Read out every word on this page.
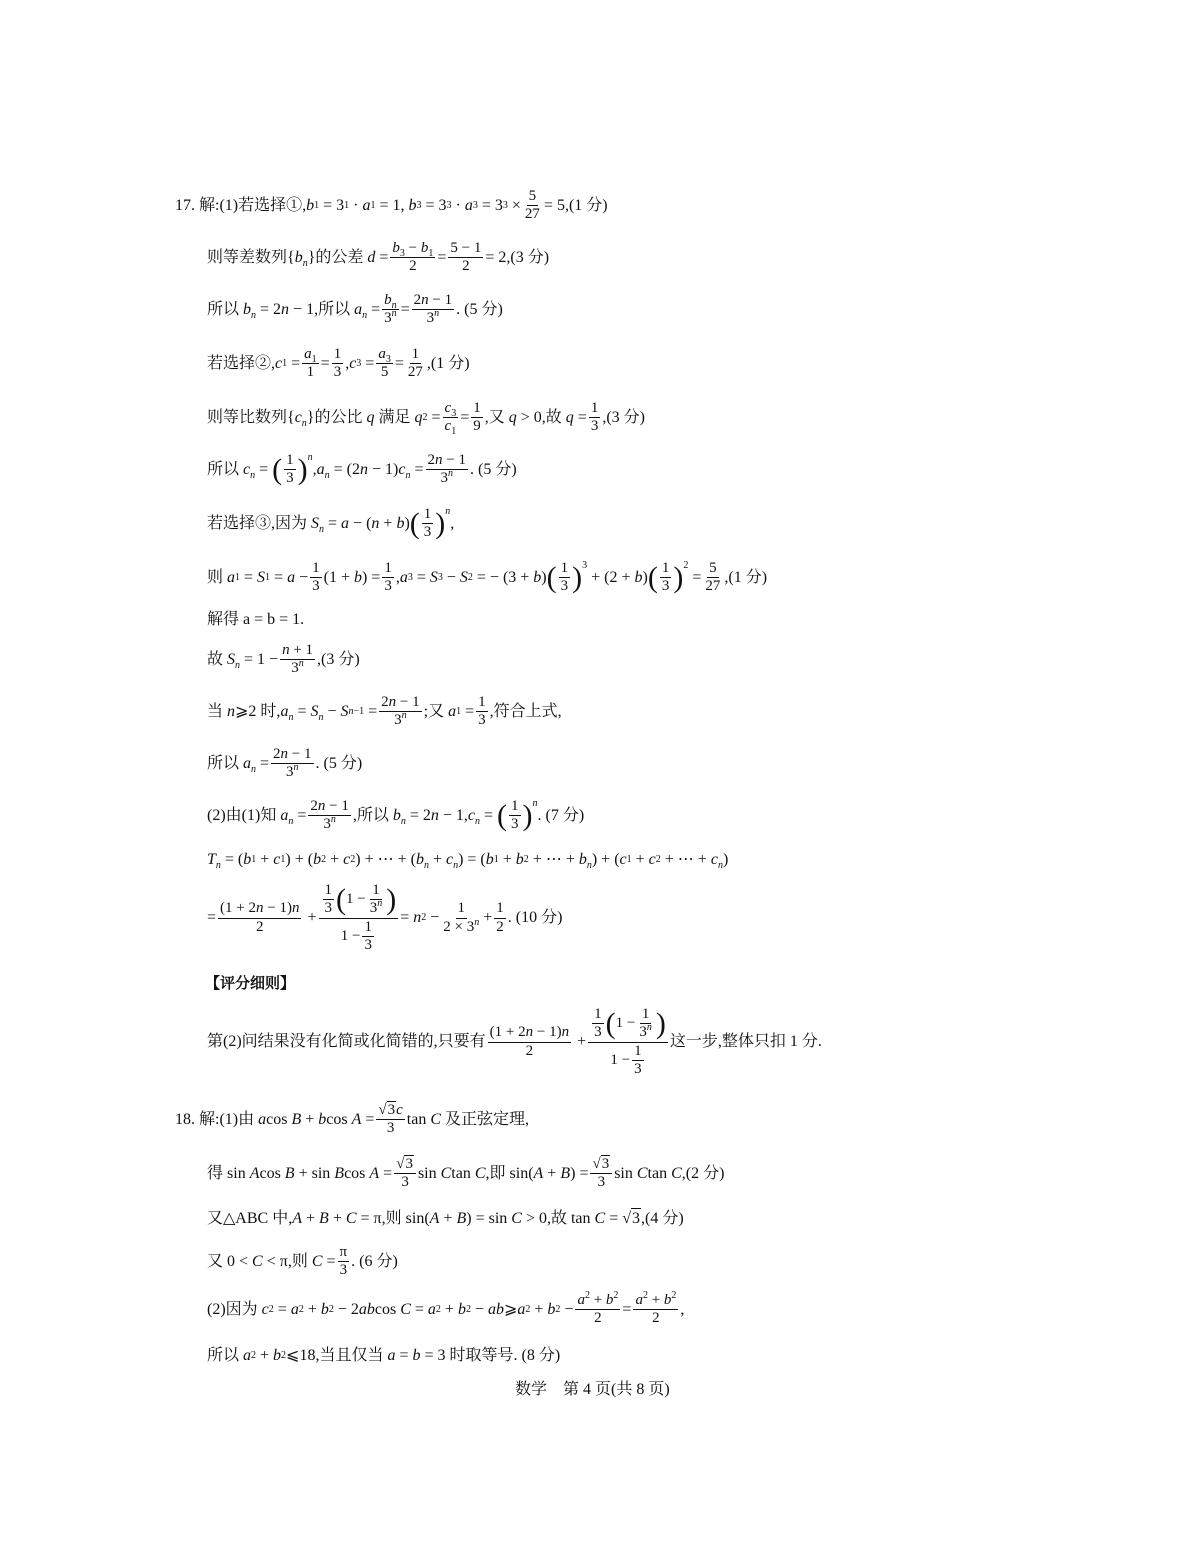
17. 解:(1)若选择①, b 1 = 3 1 · a 1 = 1, b 3 = 3 3 · a 3 = 3 $3 \times \frac{5}{27} = 5$ ,(1 分)
则等差数列{ $b_n$ }的公差
$d = \frac{b_3 - b_1}{2} = \frac{5 - 1}{2} = 2$ ,(3 分)
所以
$b_n = 2$ n − 1 ,所以
$a_n = \frac{b_n}{3^n} = \frac{2n - 1}{3^n}$ . (5 分)
若选择②, c $1 = \frac{a_1}{1} = \frac{1}{3}$ , c $3 = \frac{a_3}{5} = \frac{1}{27} ,(1$ 分)
则等比数列{ $c_n$ }的公比
q
满足
q $2 = \frac{c_3}{c_1} = \frac{1}{9}$ ,又
q > 0 ,故
$q = \frac{1}{3} ,(3$ 分)
所以
$c_n$ = ( $\frac{1}{3} )^n$
, $a_n = (2$ n − 1) $c_n = \frac{2n - 1}{3^n}$ . (5 分)
若选择③,因为
$S_n = a$ − ( n + b ) ( $\frac{1}{3} )^n$
,
则
a 1 = S $1 = a - \frac{1}{3} (1 + b$ ) = $\frac{1}{3}$ , a 3 = S 3 − S 2 = − (3 + b ) ( $\frac{1}{3} )^3$
+ (2 + b ) ( $\frac{1}{3} )^2$
= $\frac{5}{27} ,(1$ 分)
解得 a = b = 1.
故
$S_n = 1 - \frac{n + 1}{3^n} ,(3$ 分)
当
n ⩾2 时, $a_n = S_n - S$ $n-1 = \frac{2n - 1}{3^n}$ ;又
a $1 = \frac{1}{3}$ ,符合上式,
所以
$a_n = \frac{2n - 1}{3^n}$ . (5 分)
(2)由(1)知
$a_n = \frac{2n - 1}{3^n}$ ,所以
$b_n = 2$ n − 1, $c_n$ = ( $\frac{1}{3} )^n$
. (7 分)
$T_n$ = ( b 1 + c 1 ) + ( b 2 + c 2 ) + ⋯ + ( $b_n + c_n$ ) = ( b 1 + b 2 + ⋯ + $b_n$ ) + ( c 1 + c 2 + ⋯ + $c_n$ )
= $\frac{(1 + 2n - 1)n}{2} + \frac{\frac{1}{3} ( 1 - \frac{1}{3^n} )}{1 - \frac{1}{3}} = n$ $2 - \frac{1}{2 \times 3^n} + \frac{1}{2}$ . (10 分)
【评分细则】
第(2)问结果没有化简或化简错的,只要有 $\frac{(1 + 2n - 1)n}{2} + \frac{\frac{1}{3} ( 1 - \frac{1}{3^n} )}{1 - \frac{1}{3}}$ 这一步,整体只扣 1 分.
18. 解:(1)由
a cos B + b $\cos A = \frac{√3c}{3}$ tan C
及正弦定理,
得 sin A cos B + sin B $\cos A = \frac{√3}{3}$ sin C tan C ,即 sin( A + B ) = $\frac{√3}{3}$ sin C tan C ,(2 分)
又△ABC 中, A + B + C = π ,则 sin( A + B ) = sin C > 0 ,故 tan C = √ 3 ,(4 分)
又 0 < C < π ,则
$C = \frac{\pi}{3}$ . (6 分)
(2)因为
c 2 = a 2 + b 2 − 2 ab cos C = a 2 + b 2 − ab ⩾ a 2 + b $2 - \frac{a^2 + b^2}{2} = \frac{a^2 + b^2}{2}$ ,
所以
a 2 + b 2 ⩽18 ,当且仅当
a = b = 3 时取等号. (8 分)
数学　第 4 页(共 8 页)
